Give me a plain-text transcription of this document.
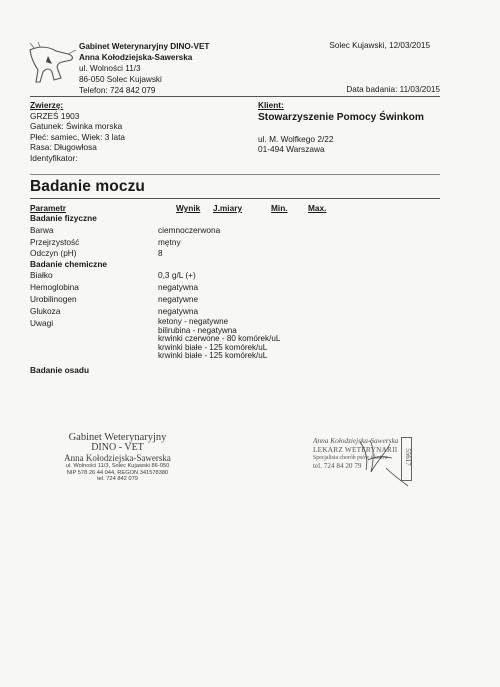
Gabinet Weterynaryjny DINO-VET
Anna Kołodziejska-Sawerska
ul. Wolności 11/3
86-050 Solec Kujawski
Telefon: 724 842 079
Solec Kujawski, 12/03/2015
Data badania: 11/03/2015
Zwierzę:
GRZEŚ 1903
Gatunek: Świnka morska
Płeć: samiec, Wiek: 3 lata
Rasa: Długowłosa
Identyfikator:
Klient:
Stowarzyszenie Pomocy Świnkom
ul. M. Wolfkego 2/22
01-494 Warszawa
Badanie moczu
Parametr	Wynik J.miary	Min. Max.
Badanie fizyczne
Barwa	ciemnoczerwona
Przejrzystość	mętny
Odczyn (pH)	8
Badanie chemiczne
Białko	0,3 g/L (+)
Hemoglobina	negatywna
Urobilinogen	negatywne
Glukoza	negatywna
Uwagi	ketony - negatywne
bilirubina - negatywna
krwinki czerwone - 80 komórek/uL
krwinki białe - 125 komórek/uL
krwinki białe - 125 komórek/uL
Badanie osadu
Gabinet Weterynaryjny
DINO - VET
Anna Kołodziejska-Sawerska
ul. Wolności 11/3, Solec Kujawski 86-050
NIP 578 26 44 044, REGON 341578380
tel. 724 842 079
Anna Kołodziejska-Sawerska
LEKARZ WETERYNARII
Specjalista chorób psów i kotów
tel. 724 84 20 79
55617
